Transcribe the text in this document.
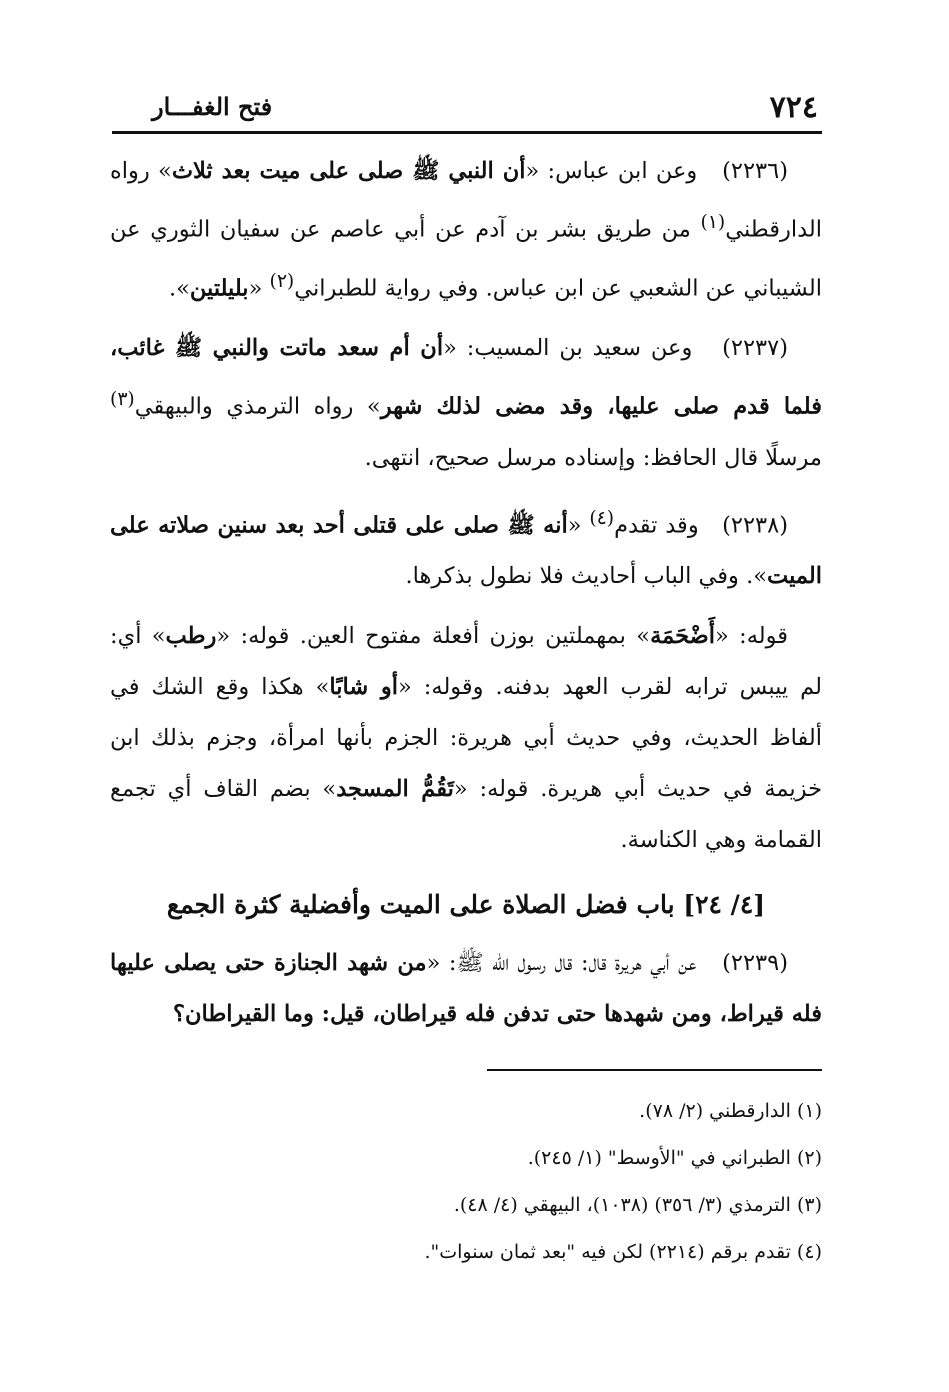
٧٢٤
فتح الغفـــار

(٢٢٣٦)   وعن ابن عباس: «أن النبي ﷺ صلى على ميت بعد ثلاث» رواه الدارقطني$^{(١)}$ من طريق بشر بن آدم عن أبي عاصم عن سفيان الثوري عن الشيباني عن الشعبي عن ابن عباس. وفي رواية للطبراني$^{(٢)}$ «بليلتين».

(٢٢٣٧)   وعن سعيد بن المسيب: «أن أم سعد ماتت والنبي ﷺ غائب، فلما قدم صلى عليها، وقد مضى لذلك شهر» رواه الترمذي والبيهقي$^{(٣)}$ مرسلًا قال الحافظ: وإسناده مرسل صحيح، انتهى.

(٢٢٣٨)   وقد تقدم$^{(٤)}$ «أنه ﷺ صلى على قتلى أحد بعد سنين صلاته على الميت». وفي الباب أحاديث فلا نطول بذكرها.

قوله: «أَضْحَمَة» بمهملتين بوزن أفعلة مفتوح العين. قوله: «رطب» أي: لم ييبس ترابه لقرب العهد بدفنه. وقوله: «أو شابًا» هكذا وقع الشك في ألفاظ الحديث، وفي حديث أبي هريرة: الجزم بأنها امرأة، وجزم بذلك ابن خزيمة في حديث أبي هريرة. قوله: «تَقُمُّ المسجد» بضم القاف أي تجمع القمامة وهي الكناسة.

[٤/ ٢٤] باب فضل الصلاة على الميت وأفضلية كثرة الجمع

(٢٢٣٩)   عن أبي هريرة قال: قال رسول الله ﷺ: «من شهد الجنازة حتى يصلى عليها فله قيراط، ومن شهدها حتى تدفن فله قيراطان، قيل: وما القيراطان؟

(١) الدارقطني (٢/ ٧٨).

(٢) الطبراني في "الأوسط" (١/ ٢٤٥).

(٣) الترمذي (٣/ ٣٥٦) (١٠٣٨)، البيهقي (٤/ ٤٨).

(٤) تقدم برقم (٢٢١٤) لكن فيه "بعد ثمان سنوات".
